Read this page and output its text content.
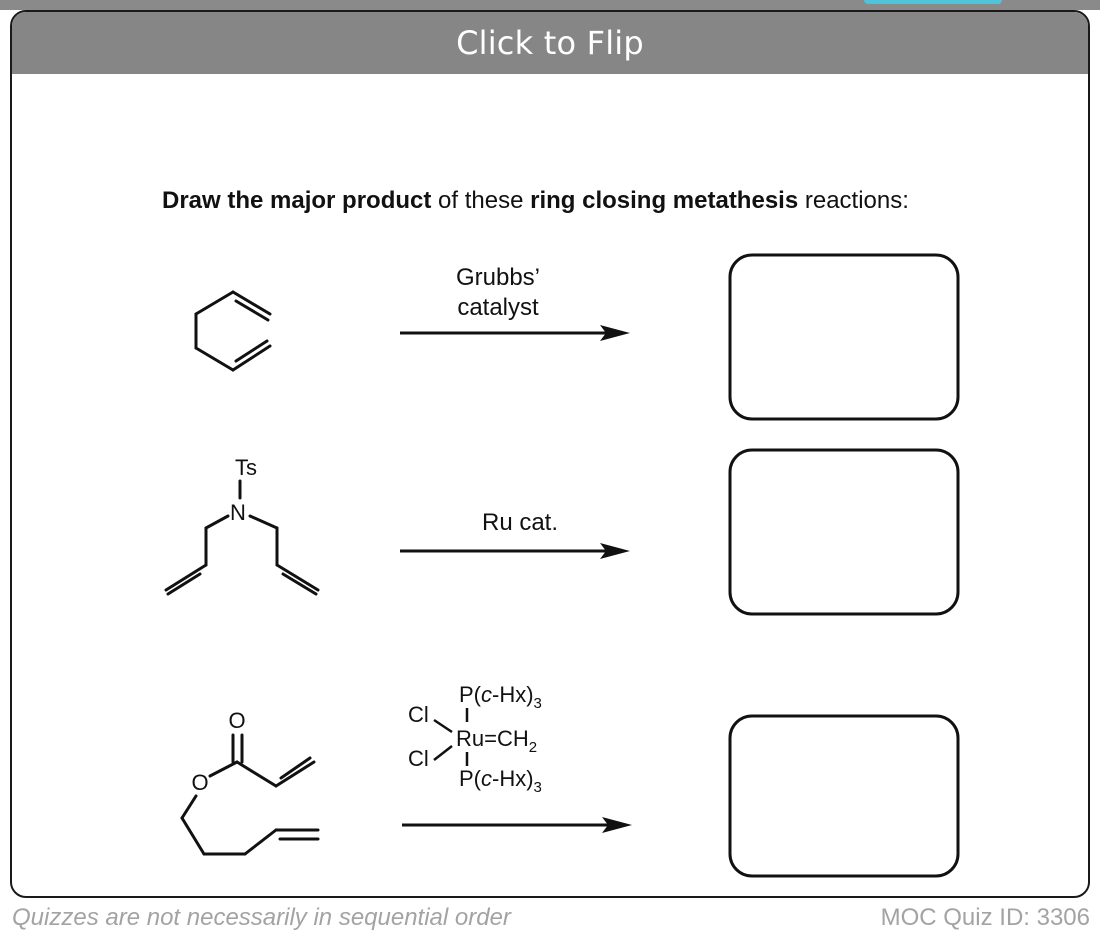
Click to Flip
Draw the major product of these ring closing metathesis reactions:
Grubbs’
catalyst
Ts
N	Ru cat.
O
O
$P(c-Hx)_3$
Cl
$Ru=CH_2$
Cl
$P(c-Hx)_3$
Quizzes are not necessarily in sequential order	MOC Quiz ID: 3306
